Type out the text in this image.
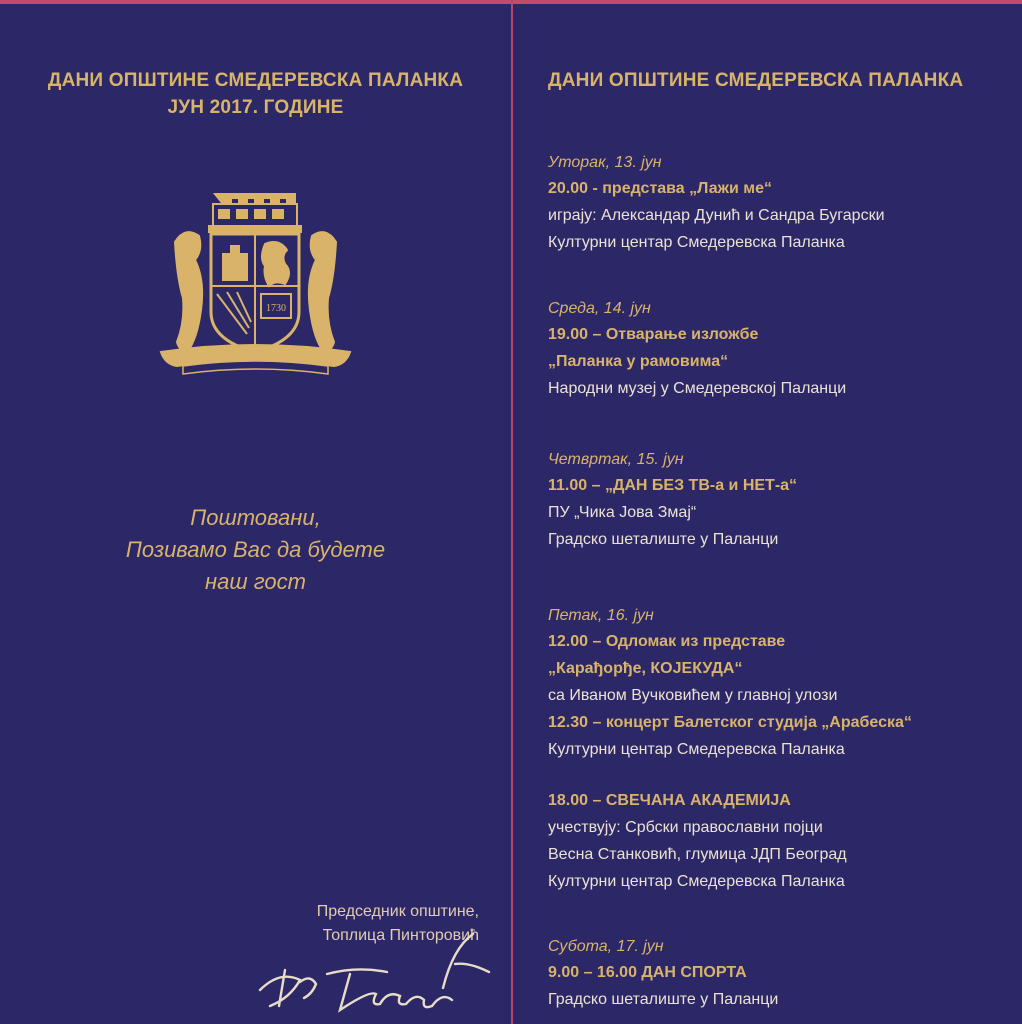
ДАНИ ОПШТИНЕ СМЕДЕРЕВСКА ПАЛАНКА
ЈУН 2017. ГОДИНЕ
1730
Поштовани,
Позивамо Вас да будете
наш гост
Председник општине,
Топлица Пинторовић
ДАНИ ОПШТИНЕ СМЕДЕРЕВСКА ПАЛАНКА
Уторак, 13. јун
20.00 - представа „Лажи ме“
играју: Александар Дунић и Сандра Бугарски
Културни центар Смедеревска Паланка
Среда, 14. јун
19.00 – Отварање изложбе
„Паланка у рамовима“
Народни музеј у Смедеревској Паланци
Четвртак, 15. јун
11.00 – „ДАН БЕЗ ТВ-а и НЕТ-а“
ПУ „Чика Јова Змај“
Градско шеталиште у Паланци
Петак, 16. јун
12.00 – Одломак из представе
„Карађорђе, КОЈЕКУДА“
са Иваном Вучковићем у главној улози
12.30 – концерт Балетског студија „Арабеска“
Културни центар Смедеревска Паланка
18.00 – СВЕЧАНА АКАДЕМИЈА
учествују: Србски православни појци
Весна Станковић, глумица ЈДП Београд
Културни центар Смедеревска Паланка
Субота, 17. јун
9.00 – 16.00 ДАН СПОРТА
Градско шеталиште у Паланци
